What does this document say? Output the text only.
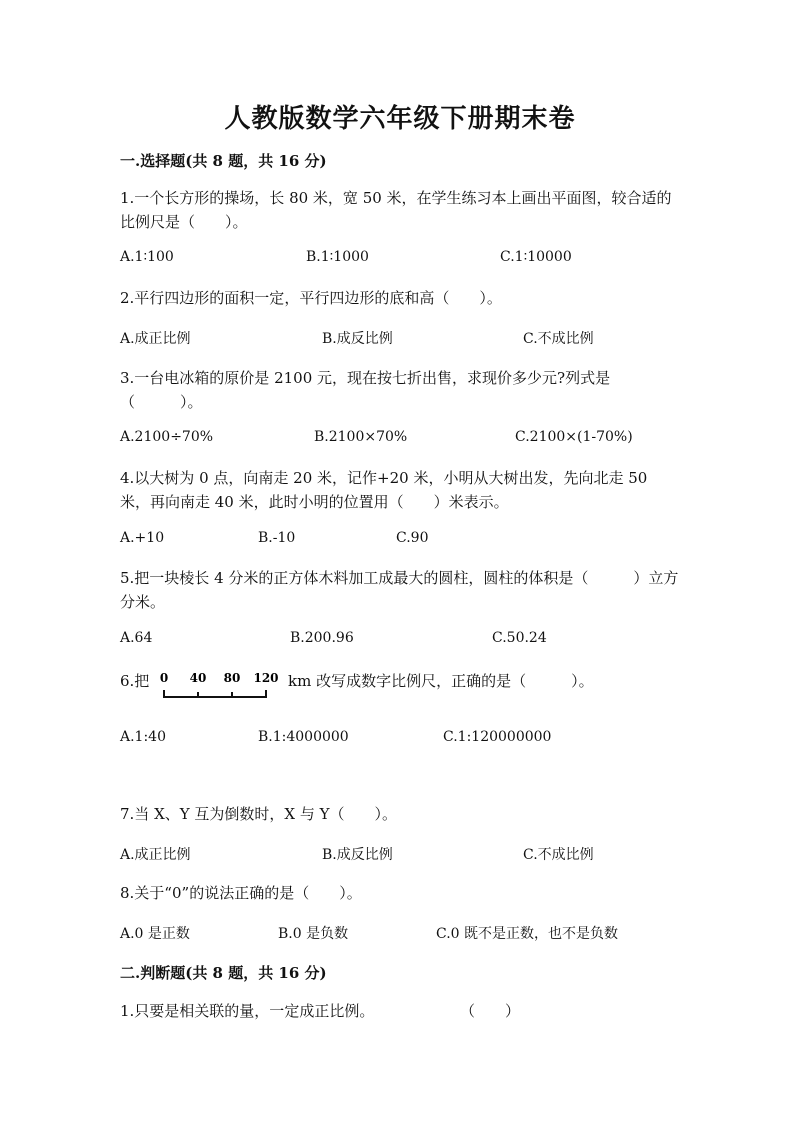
人教版数学六年级下册期末卷
一.选择题(共 8 题，共 16 分)
1.一个长方形的操场，长 80 米，宽 50 米，在学生练习本上画出平面图，较合适的比例尺是（　　）。
A.1∶100	B.1∶1000	C.1∶10000
2.平行四边形的面积一定，平行四边形的底和高（　　）。
A.成正比例	B.成反比例	C.不成比例
3.一台电冰箱的原价是 2100 元，现在按七折出售，求现价多少元?列式是（　　　）。
A.2100÷70%	B.2100×70%	C.2100×(1-70%)
4.以大树为 0 点，向南走 20 米，记作+20 米，小明从大树出发，先向北走 50 米，再向南走 40 米，此时小明的位置用（　　）米表示。
A.+10	B.-10	C.90
5.把一块棱长 4 分米的正方体木料加工成最大的圆柱，圆柱的体积是（　　　）立方分米。
A.64	B.200.96	C.50.24
6.把 0 40 80 120 km 改写成数字比例尺，正确的是（　　　）。
A.1:40	B.1:4000000	C.1:120000000
7.当 X、Y 互为倒数时，X 与 Y（　　）。
A.成正比例	B.成反比例	C.不成比例
8.关于“0”的说法正确的是（　　）。
A.0 是正数	B.0 是负数	C.0 既不是正数，也不是负数
二.判断题(共 8 题，共 16 分)
1.只要是相关联的量，一定成正比例。	（　　）
